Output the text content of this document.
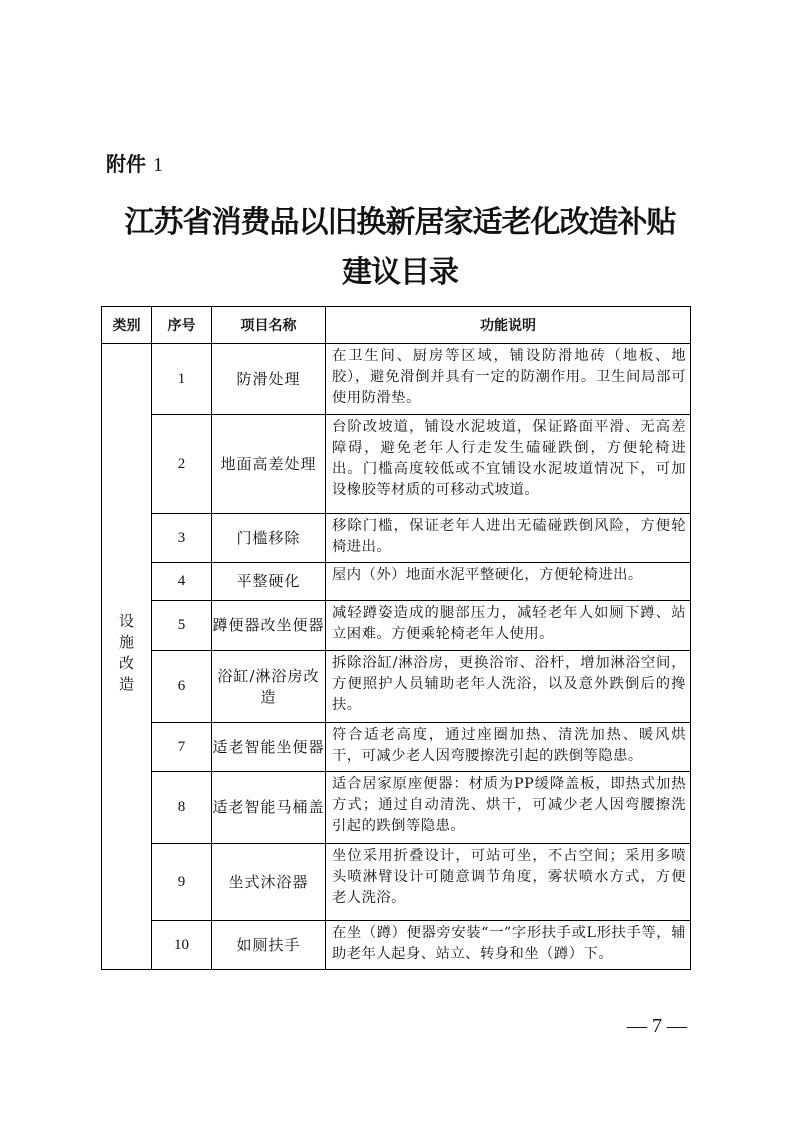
附件 1
江苏省消费品以旧换新居家适老化改造补贴
建议目录
类别	序号	项目名称	功能说明
设施改造	1	防滑处理	在卫生间、厨房等区域，铺设防滑地砖（地板、地胶），避免滑倒并具有一定的防潮作用。卫生间局部可使用防滑垫。
	2	地面高差处理	台阶改坡道，铺设水泥坡道，保证路面平滑、无高差障碍，避免老年人行走发生磕碰跌倒，方便轮椅进出。门槛高度较低或不宜铺设水泥坡道情况下，可加设橡胶等材质的可移动式坡道。
	3	门槛移除	移除门槛，保证老年人进出无磕碰跌倒风险，方便轮椅进出。
	4	平整硬化	屋内（外）地面水泥平整硬化，方便轮椅进出。
	5	蹲便器改坐便器	减轻蹲姿造成的腿部压力，减轻老年人如厕下蹲、站立困难。方便乘轮椅老年人使用。
	6	浴缸/淋浴房改造	拆除浴缸/淋浴房，更换浴帘、浴杆，增加淋浴空间，方便照护人员辅助老年人洗浴，以及意外跌倒后的搀扶。
	7	适老智能坐便器	符合适老高度，通过座圈加热、清洗加热、暖风烘干，可减少老人因弯腰擦洗引起的跌倒等隐患。
	8	适老智能马桶盖	适合居家原座便器：材质为PP缓降盖板，即热式加热方式；通过自动清洗、烘干，可减少老人因弯腰擦洗引起的跌倒等隐患。
	9	坐式沐浴器	坐位采用折叠设计，可站可坐，不占空间；采用多喷头喷淋臂设计可随意调节角度，雾状喷水方式，方便老人洗浴。
	10	如厕扶手	在坐（蹲）便器旁安装“一”字形扶手或L形扶手等，辅助老年人起身、站立、转身和坐（蹲）下。
— 7 —
